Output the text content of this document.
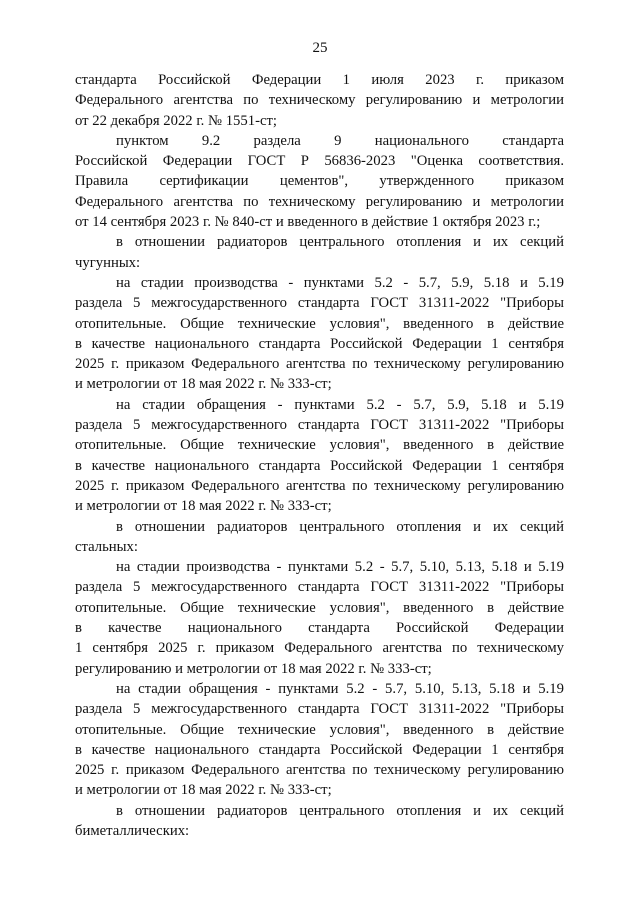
25
стандарта Российской Федерации 1 июля 2023 г. приказом
Федерального агентства по техническому регулированию и метрологии
от 22 декабря 2022 г. № 1551-ст;
пунктом 9.2 раздела 9 национального стандарта
Российской Федерации ГОСТ Р 56836-2023 "Оценка соответствия.
Правила сертификации цементов", утвержденного приказом
Федерального агентства по техническому регулированию и метрологии
от 14 сентября 2023 г. № 840-ст и введенного в действие 1 октября 2023 г.;
в отношении радиаторов центрального отопления и их секций
чугунных:
на стадии производства - пунктами 5.2 - 5.7, 5.9, 5.18 и 5.19
раздела 5 межгосударственного стандарта ГОСТ 31311-2022 "Приборы
отопительные. Общие технические условия", введенного в действие
в качестве национального стандарта Российской Федерации 1 сентября
2025 г. приказом Федерального агентства по техническому регулированию
и метрологии от 18 мая 2022 г. № 333-ст;
на стадии обращения - пунктами 5.2 - 5.7, 5.9, 5.18 и 5.19
раздела 5 межгосударственного стандарта ГОСТ 31311-2022 "Приборы
отопительные. Общие технические условия", введенного в действие
в качестве национального стандарта Российской Федерации 1 сентября
2025 г. приказом Федерального агентства по техническому регулированию
и метрологии от 18 мая 2022 г. № 333-ст;
в отношении радиаторов центрального отопления и их секций
стальных:
на стадии производства - пунктами 5.2 - 5.7, 5.10, 5.13, 5.18 и 5.19
раздела 5 межгосударственного стандарта ГОСТ 31311-2022 "Приборы
отопительные. Общие технические условия", введенного в действие
в качестве национального стандарта Российской Федерации
1 сентября 2025 г. приказом Федерального агентства по техническому
регулированию и метрологии от 18 мая 2022 г. № 333-ст;
на стадии обращения - пунктами 5.2 - 5.7, 5.10, 5.13, 5.18 и 5.19
раздела 5 межгосударственного стандарта ГОСТ 31311-2022 "Приборы
отопительные. Общие технические условия", введенного в действие
в качестве национального стандарта Российской Федерации 1 сентября
2025 г. приказом Федерального агентства по техническому регулированию
и метрологии от 18 мая 2022 г. № 333-ст;
в отношении радиаторов центрального отопления и их секций
биметаллических:
